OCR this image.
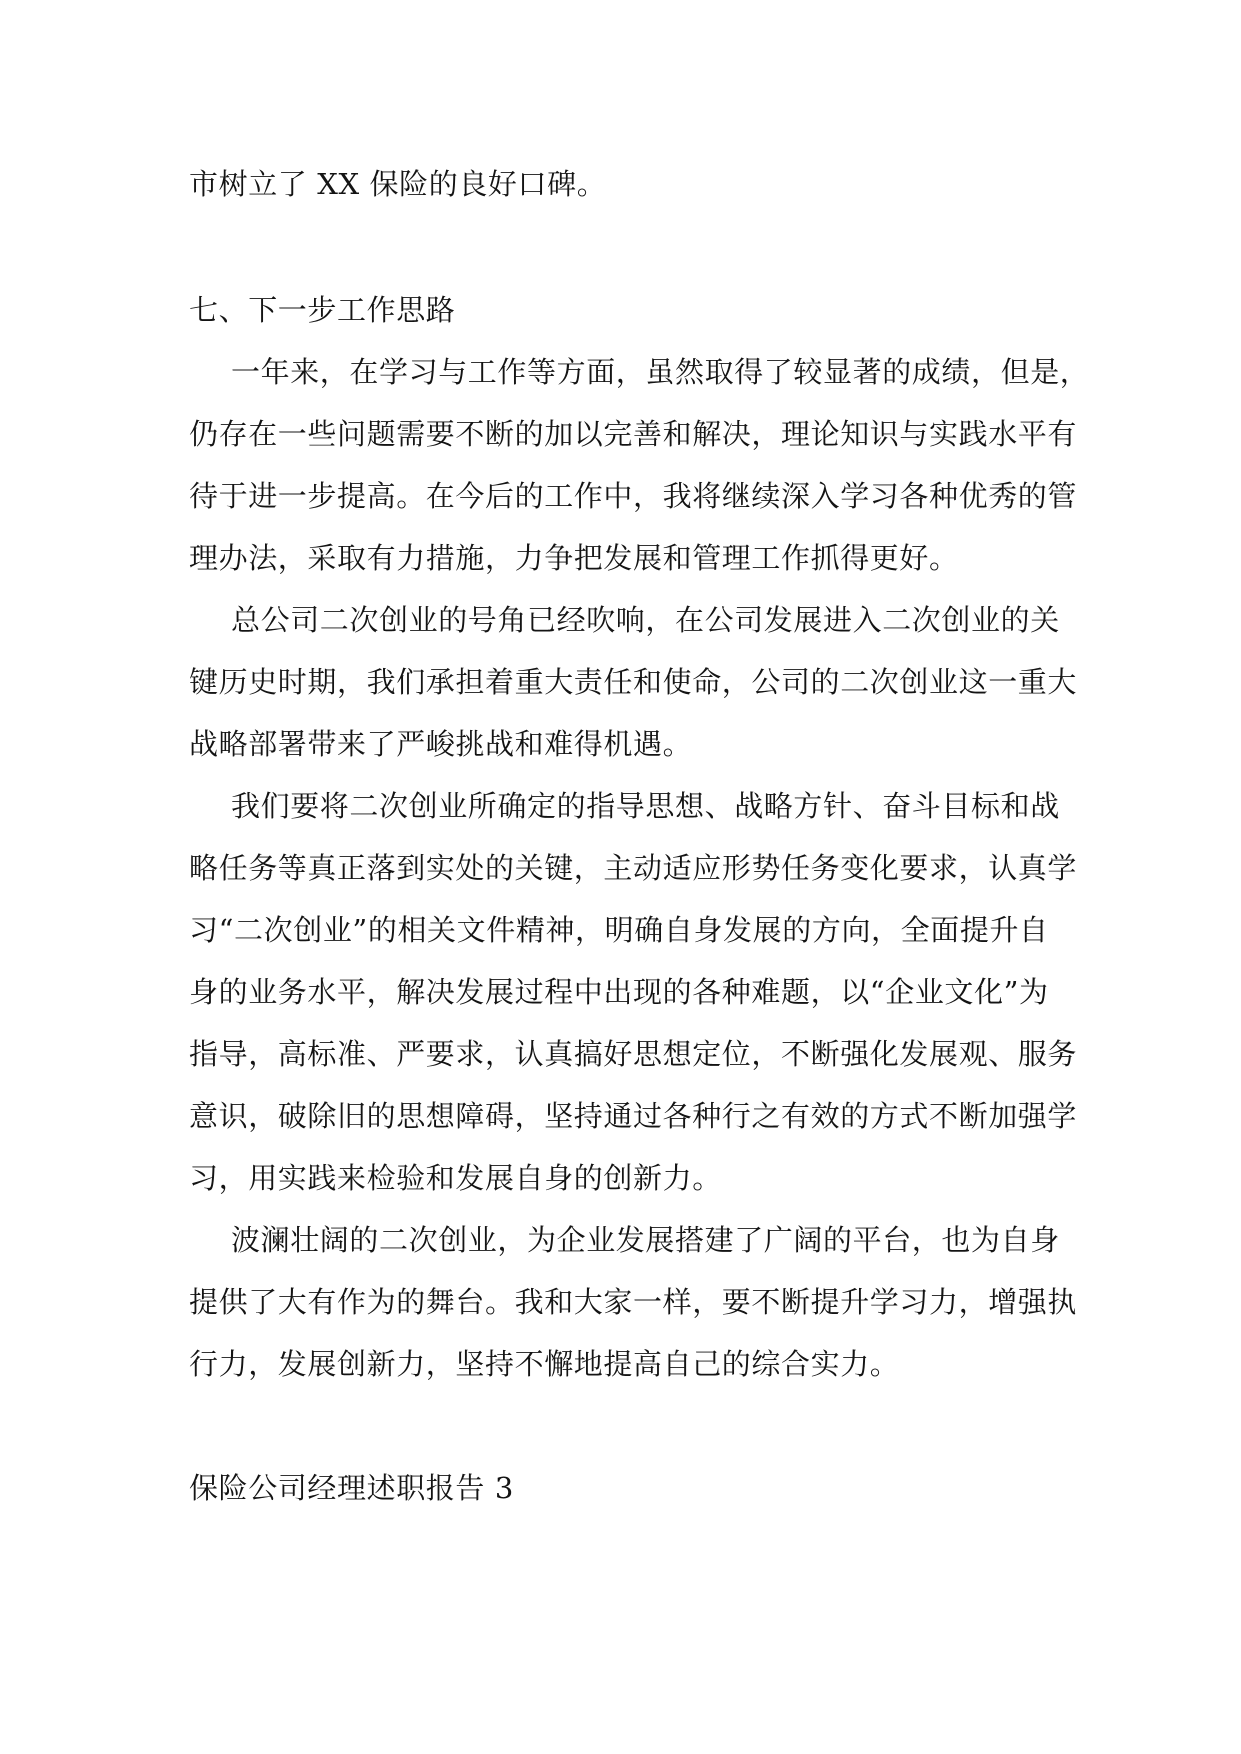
市树立了 XX 保险的良好口碑。
七、下一步工作思路
一年来，在学习与工作等方面，虽然取得了较显著的成绩，但是，
仍存在一些问题需要不断的加以完善和解决，理论知识与实践水平有
待于进一步提高。在今后的工作中，我将继续深入学习各种优秀的管
理办法，采取有力措施，力争把发展和管理工作抓得更好。
总公司二次创业的号角已经吹响，在公司发展进入二次创业的关
键历史时期，我们承担着重大责任和使命，公司的二次创业这一重大
战略部署带来了严峻挑战和难得机遇。
我们要将二次创业所确定的指导思想、战略方针、奋斗目标和战
略任务等真正落到实处的关键，主动适应形势任务变化要求，认真学
习“二次创业”的相关文件精神，明确自身发展的方向，全面提升自
身的业务水平，解决发展过程中出现的各种难题，以“企业文化”为
指导，高标准、严要求，认真搞好思想定位，不断强化发展观、服务
意识，破除旧的思想障碍，坚持通过各种行之有效的方式不断加强学
习，用实践来检验和发展自身的创新力。
波澜壮阔的二次创业，为企业发展搭建了广阔的平台，也为自身
提供了大有作为的舞台。我和大家一样，要不断提升学习力，增强执
行力，发展创新力，坚持不懈地提高自己的综合实力。
保险公司经理述职报告 3
